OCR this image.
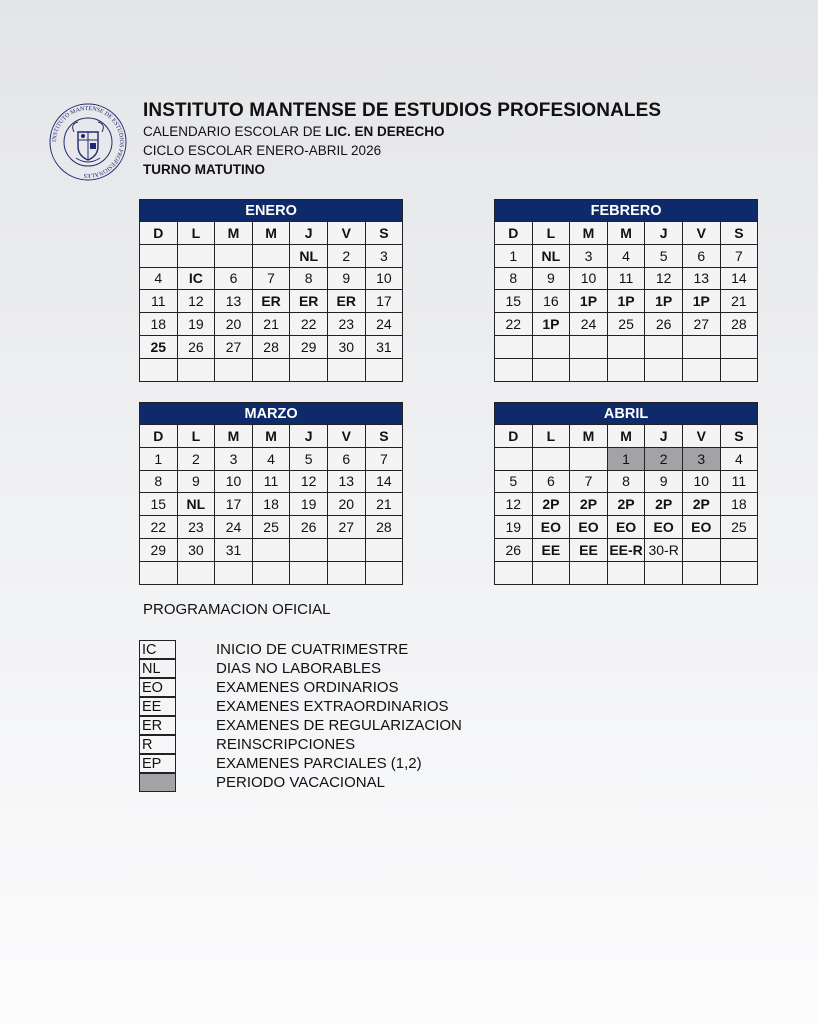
INSTITUTO MANTENSE DE ESTUDIOS PROFESIONALES
INSTITUTO MANTENSE DE ESTUDIOS PROFESIONALES
CALENDARIO ESCOLAR DE LIC. EN DERECHO
CICLO ESCOLAR ENERO-ABRIL 2026
TURNO MATUTINO
ENERO						
D	L	M	M	J	V	S
				NL	2	3
4	IC	6	7	8	9	10
11	12	13	ER	ER	ER	17
18	19	20	21	22	23	24
25	26	27	28	29	30	31

FEBRERO						
D	L	M	M	J	V	S
1	NL	3	4	5	6	7
8	9	10	11	12	13	14
15	16	1P	1P	1P	1P	21
22	1P	24	25	26	27	28

MARZO						
D	L	M	M	J	V	S
1	2	3	4	5	6	7
8	9	10	11	12	13	14
15	NL	17	18	19	20	21
22	23	24	25	26	27	28
29	30	31				

ABRIL						
D	L	M	M	J	V	S
			1	2	3	4
5	6	7	8	9	10	11
12	2P	2P	2P	2P	2P	18
19	EO	EO	EO	EO	EO	25
26	EE	EE	EE-R	30-R		

PROGRAMACION OFICIAL
IC	INICIO DE CUATRIMESTRE
NL	DIAS NO LABORABLES
EO	EXAMENES ORDINARIOS
EE	EXAMENES EXTRAORDINARIOS
ER	EXAMENES DE REGULARIZACION
R	REINSCRIPCIONES
EP	EXAMENES PARCIALES (1,2)
PERIODO VACACIONAL
